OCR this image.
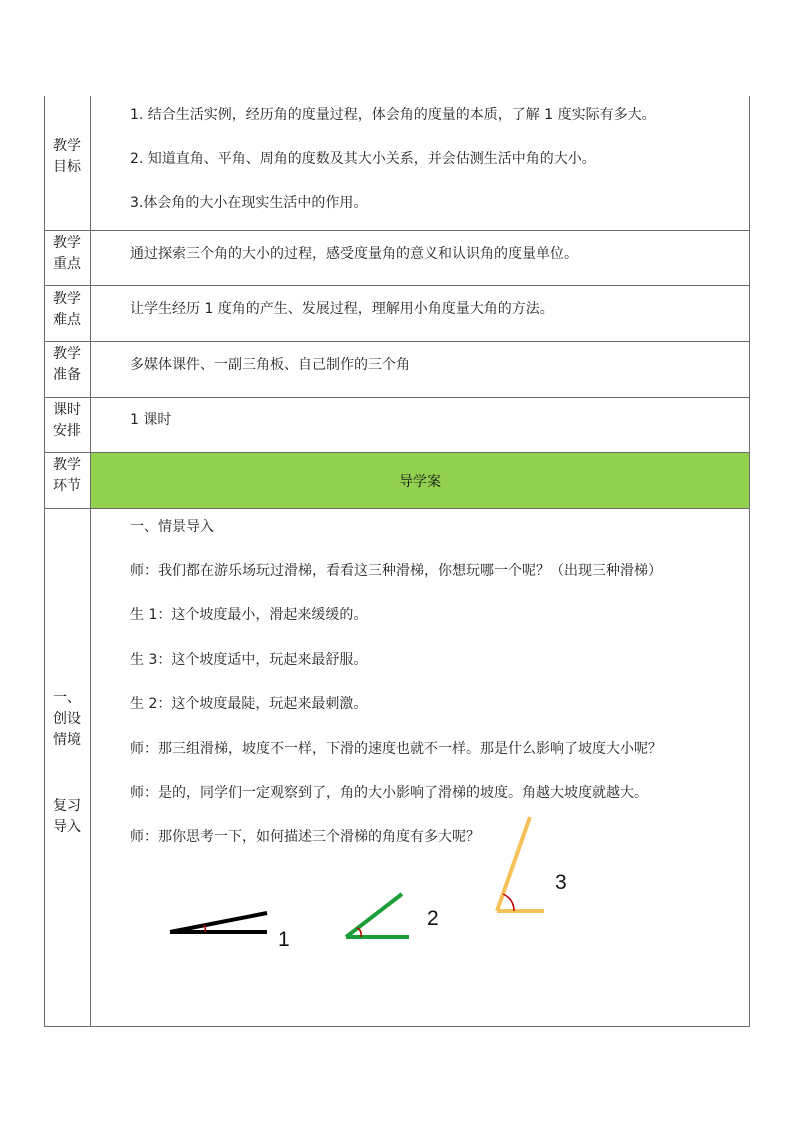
教学
目标
1. 结合生活实例，经历角的度量过程，体会角的度量的本质，了解 1 度实际有多大。
2. 知道直角、平角、周角的度数及其大小关系，并会估测生活中角的大小。
3.体会角的大小在现实生活中的作用。
教学
重点
通过探索三个角的大小的过程，感受度量角的意义和认识角的度量单位。
教学
难点
让学生经历 1 度角的产生、发展过程，理解用小角度量大角的方法。
教学
准备
多媒体课件、一副三角板、自己制作的三个角
课时
安排
1 课时
教学
环节	导学案
一、
创设
情境
复习
导入
一、情景导入
师：我们都在游乐场玩过滑梯，看看这三种滑梯，你想玩哪一个呢？（出现三种滑梯）
生 1：这个坡度最小，滑起来缓缓的。
生 3：这个坡度适中，玩起来最舒服。
生 2：这个坡度最陡，玩起来最刺激。
师：那三组滑梯，坡度不一样，下滑的速度也就不一样。那是什么影响了坡度大小呢？
师：是的，同学们一定观察到了，角的大小影响了滑梯的坡度。角越大坡度就越大。
师：那你思考一下，如何描述三个滑梯的角度有多大呢？
1
2
3
